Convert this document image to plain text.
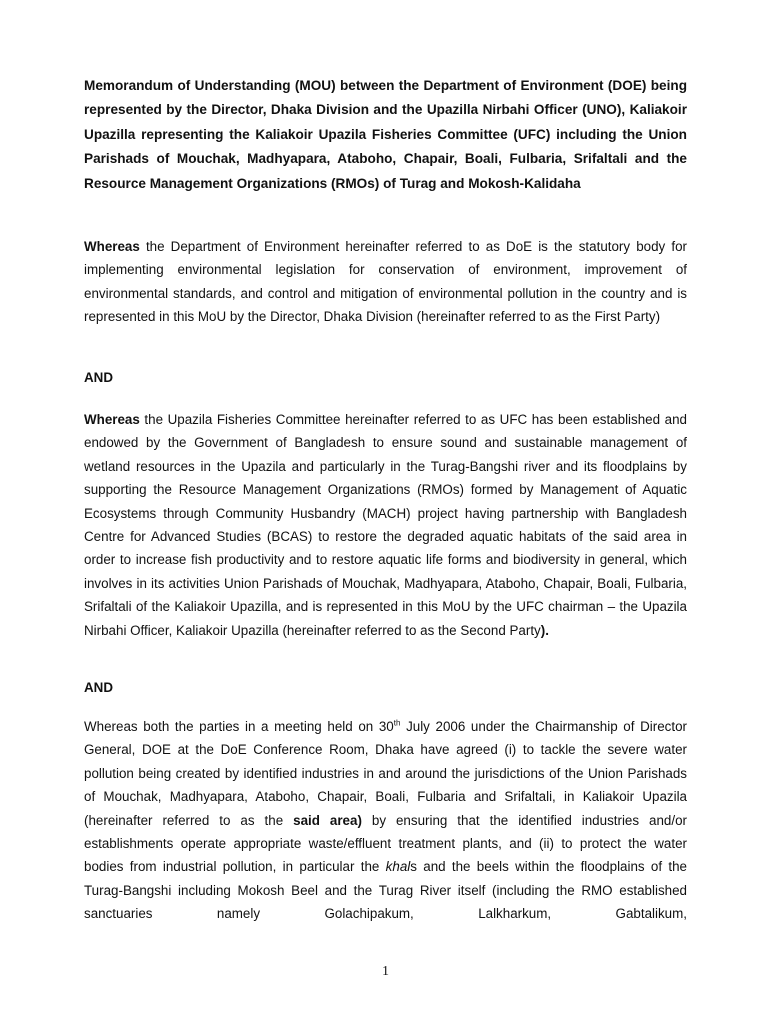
Memorandum of Understanding (MOU) between the Department of Environment (DOE) being represented by the Director, Dhaka Division and the Upazilla Nirbahi Officer (UNO), Kaliakoir Upazilla representing the Kaliakoir Upazila Fisheries Committee (UFC) including the Union Parishads of Mouchak, Madhyapara, Ataboho, Chapair, Boali, Fulbaria, Srifaltali and the Resource Management Organizations (RMOs) of Turag and Mokosh-Kalidaha

Whereas the Department of Environment hereinafter referred to as DoE is the statutory body for implementing environmental legislation for conservation of environment, improvement of environmental standards, and control and mitigation of environmental pollution in the country and is represented in this MoU by the Director, Dhaka Division (hereinafter referred to as the First Party)

AND

Whereas the Upazila Fisheries Committee hereinafter referred to as UFC has been established and endowed by the Government of Bangladesh to ensure sound and sustainable management of wetland resources in the Upazila and particularly in the Turag-Bangshi river and its floodplains by supporting the Resource Management Organizations (RMOs) formed by Management of Aquatic Ecosystems through Community Husbandry (MACH) project having partnership with Bangladesh Centre for Advanced Studies (BCAS) to restore the degraded aquatic habitats of the said area in order to increase fish productivity and to restore aquatic life forms and biodiversity in general, which involves in its activities Union Parishads of Mouchak, Madhyapara, Ataboho, Chapair, Boali, Fulbaria, Srifaltali of the Kaliakoir Upazilla, and is represented in this MoU by the UFC chairman – the Upazila Nirbahi Officer, Kaliakoir Upazilla (hereinafter referred to as the Second Party).

AND

Whereas both the parties in a meeting held on 30th July 2006 under the Chairmanship of Director General, DOE at the DoE Conference Room, Dhaka have agreed (i) to tackle the severe water pollution being created by identified industries in and around the jurisdictions of the Union Parishads of Mouchak, Madhyapara, Ataboho, Chapair, Boali, Fulbaria and Srifaltali, in Kaliakoir Upazila (hereinafter referred to as the said area) by ensuring that the identified industries and/or establishments operate appropriate waste/effluent treatment plants, and (ii) to protect the water bodies from industrial pollution, in particular the khals and the beels within the floodplains of the Turag-Bangshi including Mokosh Beel and the Turag River itself (including the RMO established sanctuaries namely Golachipakum, Lalkharkum, Gabtalikum,

1
